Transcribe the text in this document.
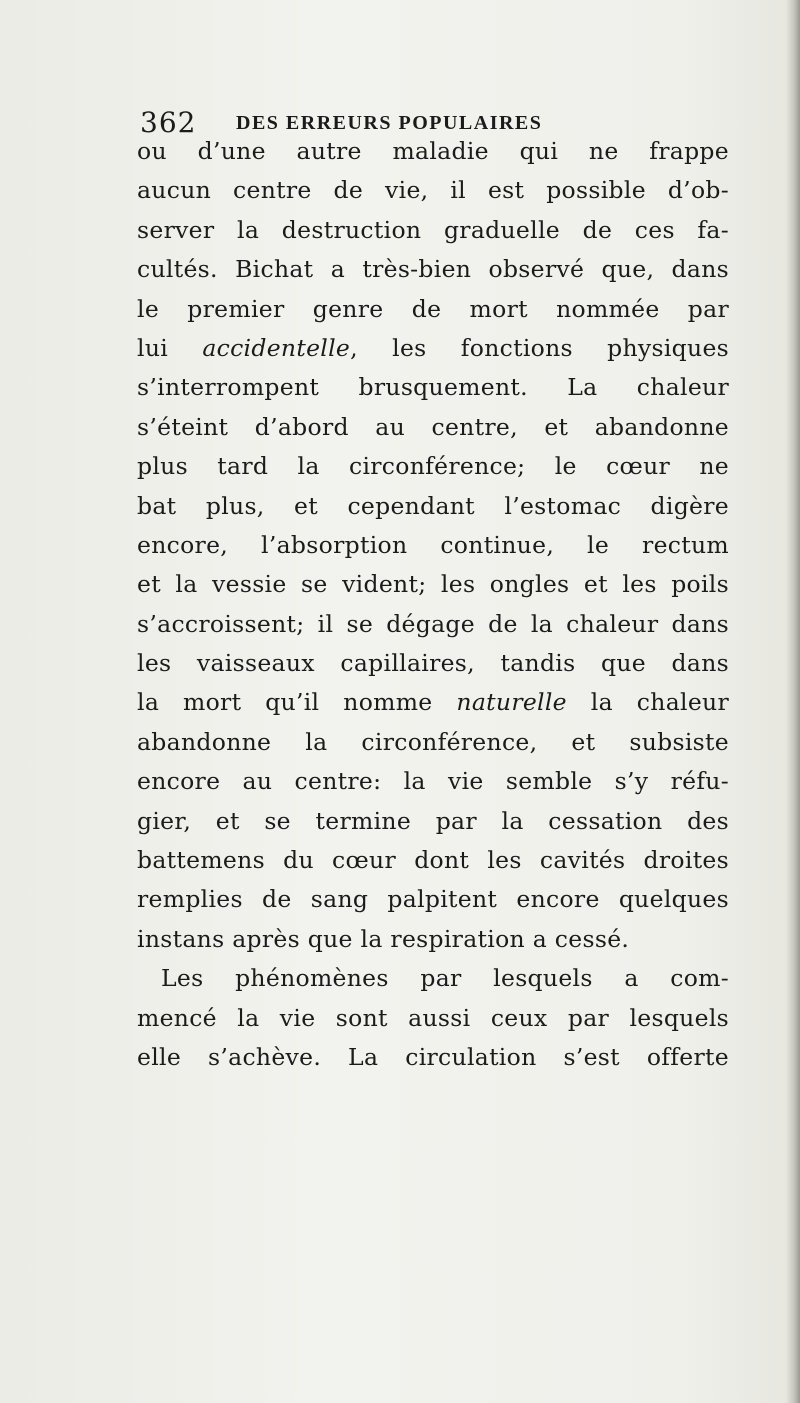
362 DES ERREURS POPULAIRES
ou d’une autre maladie qui ne frappe
aucun centre de vie, il est possible d’ob-
server la destruction graduelle de ces fa-
cultés. Bichat a très-bien observé que, dans
le premier genre de mort nommée par
lui accidentelle, les fonctions physiques
s’interrompent brusquement. La chaleur
s’éteint d’abord au centre, et abandonne
plus tard la circonférence; le cœur ne
bat plus, et cependant l’estomac digère
encore, l’absorption continue, le rectum
et la vessie se vident; les ongles et les poils
s’accroissent; il se dégage de la chaleur dans
les vaisseaux capillaires, tandis que dans
la mort qu’il nomme naturelle la chaleur
abandonne la circonférence, et subsiste
encore au centre: la vie semble s’y réfu-
gier, et se termine par la cessation des
battemens du cœur dont les cavités droites
remplies de sang palpitent encore quelques
instans après que la respiration a cessé.
Les phénomènes par lesquels a com-
mencé la vie sont aussi ceux par lesquels
elle s’achève. La circulation s’est offerte
